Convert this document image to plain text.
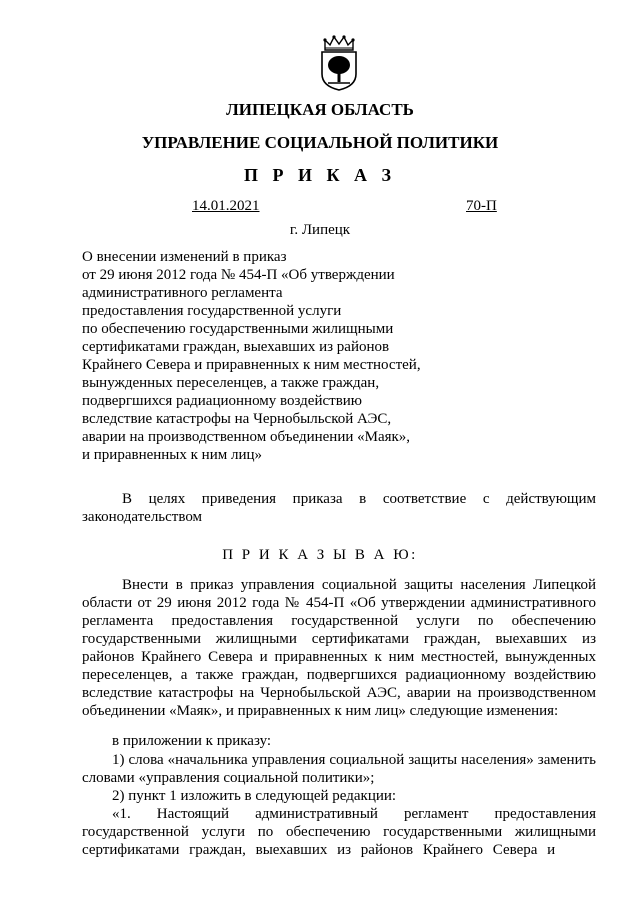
ЛИПЕЦКАЯ ОБЛАСТЬ
УПРАВЛЕНИЕ СОЦИАЛЬНОЙ ПОЛИТИКИ
П Р И К А З
14.01.2021	70-П
г. Липецк
О внесении изменений в приказ
от 29 июня 2012 года № 454-П «Об утверждении
административного регламента
предоставления государственной услуги
по обеспечению государственными жилищными
сертификатами граждан, выехавших из районов
Крайнего Севера и приравненных к ним местностей,
вынужденных переселенцев, а также граждан,
подвергшихся радиационному воздействию
вследствие катастрофы на Чернобыльской АЭС,
аварии на производственном объединении «Маяк»,
и приравненных к ним лиц»
В целях приведения приказа в соответствие с действующим законодательством
П Р И К А З Ы В А Ю:
Внести в приказ управления социальной защиты населения Липецкой области от 29 июня 2012 года № 454-П «Об утверждении административного регламента предоставления государственной услуги по обеспечению государственными жилищными сертификатами граждан, выехавших из районов Крайнего Севера и приравненных к ним местностей, вынужденных переселенцев, а также граждан, подвергшихся радиационному воздействию вследствие катастрофы на Чернобыльской АЭС, аварии на производственном объединении «Маяк», и приравненных к ним лиц» следующие изменения:
в приложении к приказу:
1) слова «начальника управления социальной защиты населения» заменить словами «управления социальной политики»;
2) пункт 1 изложить в следующей редакции:
«1. Настоящий административный регламент предоставления государственной услуги по обеспечению государственными жилищными сертификатами граждан, выехавших из районов Крайнего Севера и
